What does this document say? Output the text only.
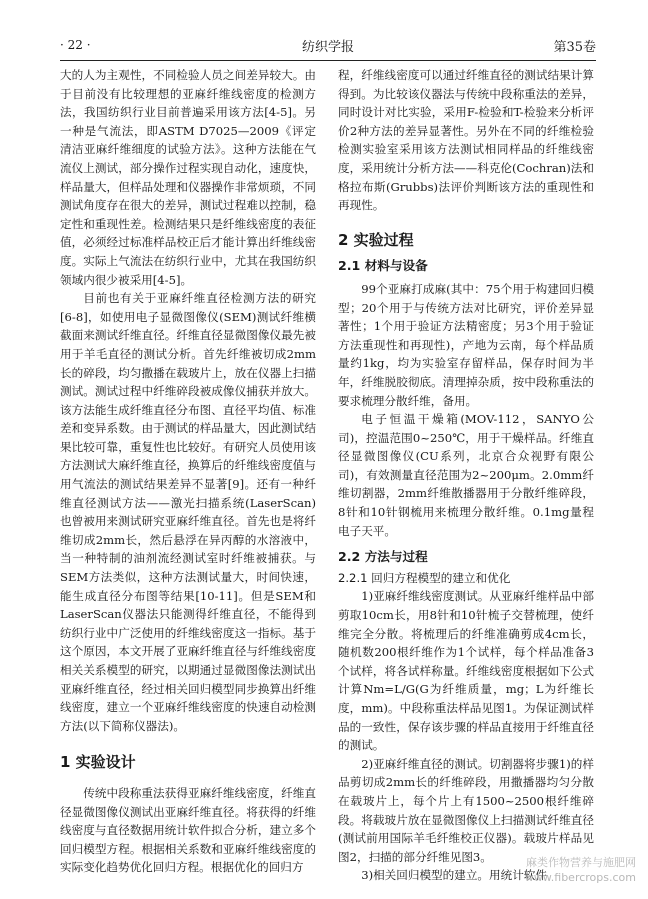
· 22 ·	纺织学报	第35卷

大的人为主观性，不同检验人员之间差异较大。由于目前没有比较理想的亚麻纤维线密度的检测方法，我国纺织行业目前普遍采用该方法[4-5]。另一种是气流法，即ASTM D7025—2009《评定清洁亚麻纤维细度的试验方法》。这种方法能在气流仪上测试，部分操作过程实现自动化，速度快，样品量大，但样品处理和仪器操作非常烦琐，不同测试角度存在很大的差异，测试过程难以控制，稳定性和重现性差。检测结果只是纤维线密度的表征值，必须经过标准样品校正后才能计算出纤维线密度。实际上气流法在纺织行业中，尤其在我国纺织领域内很少被采用[4-5]。

目前也有关于亚麻纤维直径检测方法的研究[6-8]，如使用电子显微图像仪(SEM)测试纤维横截面来测试纤维直径。纤维直径显微图像仪最先被用于羊毛直径的测试分析。首先纤维被切成2mm长的碎段，均匀撒播在载玻片上，放在仪器上扫描测试。测试过程中纤维碎段被成像仪捕获并放大。该方法能生成纤维直径分布图、直径平均值、标准差和变异系数。由于测试的样品量大，因此测试结果比较可靠，重复性也比较好。有研究人员使用该方法测试大麻纤维直径，换算后的纤维线密度值与用气流法的测试结果差异不显著[9]。还有一种纤维直径测试方法——激光扫描系统(LaserScan)也曾被用来测试研究亚麻纤维直径。首先也是将纤维切成2mm长，然后悬浮在异丙醇的水溶液中，当一种特制的油剂流经测试室时纤维被捕获。与SEM方法类似，这种方法测试量大，时间快速，能生成直径分布图等结果[10-11]。但是SEM和LaserScan仪器法只能测得纤维直径，不能得到纺织行业中广泛使用的纤维线密度这一指标。基于这个原因，本文开展了亚麻纤维直径与纤维线密度相关关系模型的研究，以期通过显微图像法测试出亚麻纤维直径，经过相关回归模型同步换算出纤维线密度，建立一个亚麻纤维线密度的快速自动检测方法(以下简称仪器法)。

1 实验设计

传统中段称重法获得亚麻纤维线密度，纤维直径显微图像仪测试出亚麻纤维直径。将获得的纤维线密度与直径数据用统计软件拟合分析，建立多个回归模型方程。根据相关系数和亚麻纤维线密度的实际变化趋势优化回归方程。根据优化的回归方

程，纤维线密度可以通过纤维直径的测试结果计算得到。为比较该仪器法与传统中段称重法的差异，同时设计对比实验，采用F-检验和T-检验来分析评价2种方法的差异显著性。另外在不同的纤维检验检测实验室采用该方法测试相同样品的纤维线密度，采用统计分析方法——科克伦(Cochran)法和格拉布斯(Grubbs)法评价判断该方法的重现性和再现性。

2 实验过程

2.1 材料与设备

99个亚麻打成麻(其中：75个用于构建回归模型；20个用于与传统方法对比研究，评价差异显著性；1个用于验证方法精密度；另3个用于验证方法重现性和再现性)，产地为云南，每个样品质量约1kg，均为实验室存留样品，保存时间为半年，纤维脱胶彻底。清理掉杂质，按中段称重法的要求梳理分散纤维，备用。

电子恒温干燥箱(MOV-112，SANYO公司)，控温范围0~250℃，用于干燥样品。纤维直径显微图像仪(CU系列，北京合众视野有限公司)，有效测量直径范围为2~200μm。2.0mm纤维切割器，2mm纤维散播器用于分散纤维碎段，8针和10针钢梳用来梳理分散纤维。0.1mg量程电子天平。

2.2 方法与过程

2.2.1 回归方程模型的建立和优化

1)亚麻纤维线密度测试。从亚麻纤维样品中部剪取10cm长，用8针和10针梳子交替梳理，使纤维完全分散。将梳理后的纤维准确剪成4cm长，随机数200根纤维作为1个试样，每个样品准备3个试样，将各试样称量。纤维线密度根据如下公式计算Nm=L/G(G为纤维质量，mg；L为纤维长度，mm)。中段称重法样品见图1。为保证测试样品的一致性，保存该步骤的样品直接用于纤维直径的测试。

2)亚麻纤维直径的测试。切割器将步骤1)的样品剪切成2mm长的纤维碎段，用撒播器均匀分散在载玻片上，每个片上有1500~2500根纤维碎段。将载玻片放在显微图像仪上扫描测试纤维直径(测试前用国际羊毛纤维校正仪器)。载玻片样品见图2，扫描的部分纤维见图3。

3)相关回归模型的建立。用统计软件

麻类作物营养与施肥网
www.fibercrops.com
